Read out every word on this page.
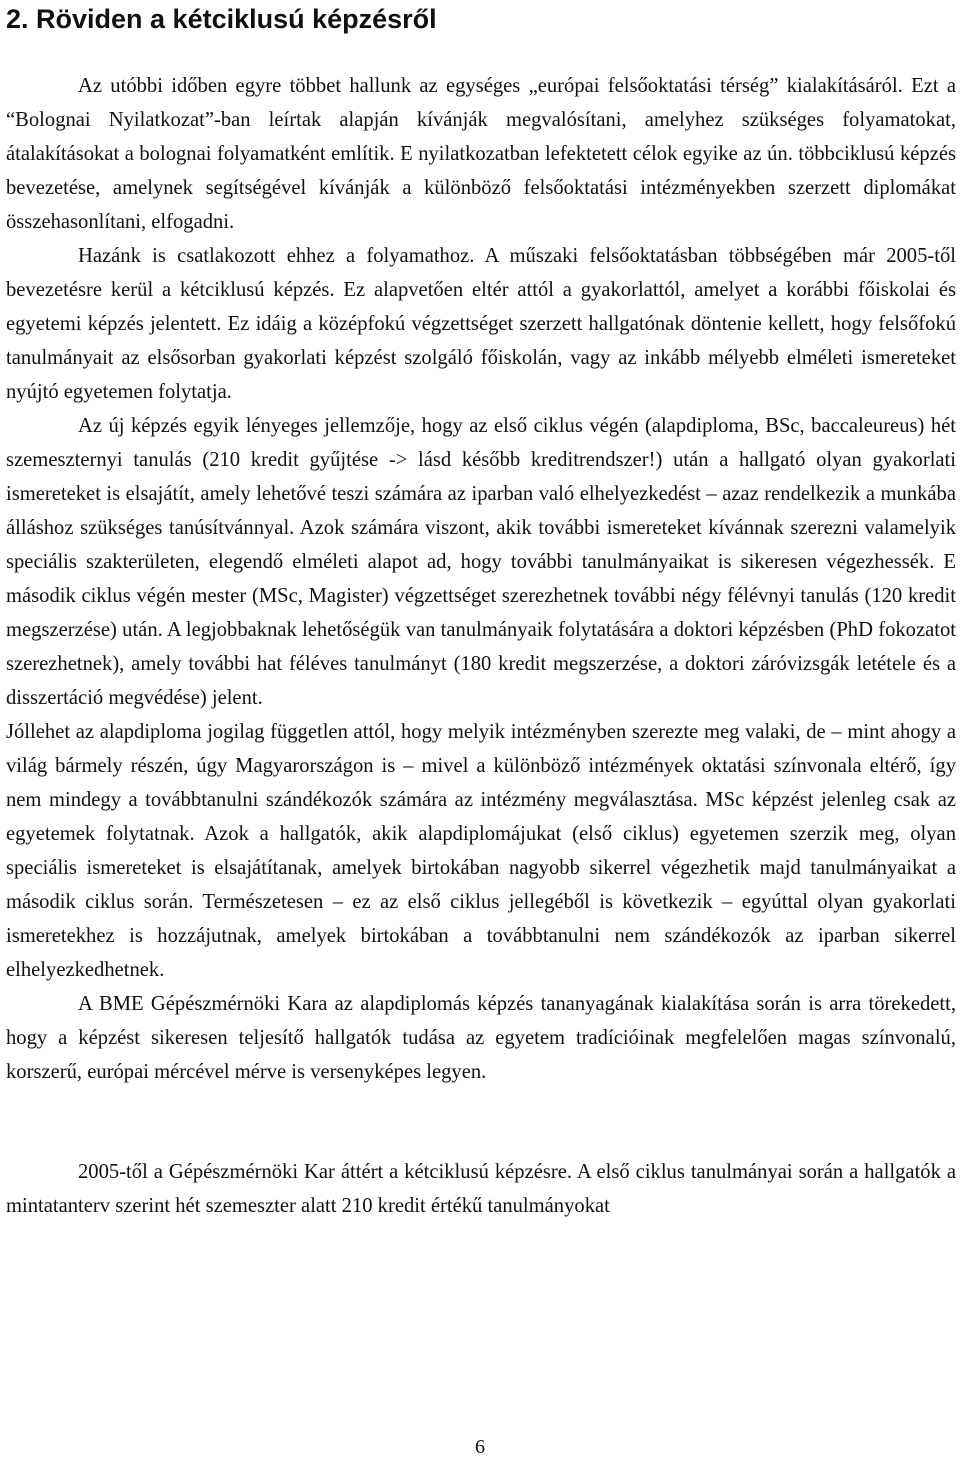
2. Röviden a kétciklusú képzésről

Az utóbbi időben egyre többet hallunk az egységes „európai felsőoktatási térség” kialakításáról. Ezt a “Bolognai Nyilatkozat”-ban leírtak alapján kívánják megvalósítani, amelyhez szükséges folyamatokat, átalakításokat a bolognai folyamatként említik. E nyilatkozatban lefektetett célok egyike az ún. többciklusú képzés bevezetése, amelynek segítségével kívánják a különböző felsőoktatási intézményekben szerzett diplomákat összehasonlítani, elfogadni.

Hazánk is csatlakozott ehhez a folyamathoz. A műszaki felsőoktatásban többségében már 2005-től bevezetésre kerül a kétciklusú képzés. Ez alapvetően eltér attól a gyakorlattól, amelyet a korábbi főiskolai és egyetemi képzés jelentett. Ez idáig a középfokú végzettséget szerzett hallgatónak döntenie kellett, hogy felsőfokú tanulmányait az elsősorban gyakorlati képzést szolgáló főiskolán, vagy az inkább mélyebb elméleti ismereteket nyújtó egyetemen folytatja.

Az új képzés egyik lényeges jellemzője, hogy az első ciklus végén (alapdiploma, BSc, baccaleureus) hét szemeszternyi tanulás (210 kredit gyűjtése -> lásd később kreditrendszer!) után a hallgató olyan gyakorlati ismereteket is elsajátít, amely lehetővé teszi számára az iparban való elhelyezkedést – azaz rendelkezik a munkába álláshoz szükséges tanúsítvánnyal. Azok számára viszont, akik további ismereteket kívánnak szerezni valamelyik speciális szakterületen, elegendő elméleti alapot ad, hogy további tanulmányaikat is sikeresen végezhessék. E második ciklus végén mester (MSc, Magister) végzettséget szerezhetnek további négy félévnyi tanulás (120 kredit megszerzése) után. A legjobbaknak lehetőségük van tanulmányaik folytatására a doktori képzésben (PhD fokozatot szerezhetnek), amely további hat féléves tanulmányt (180 kredit megszerzése, a doktori záróvizsgák letétele és a disszertáció megvédése) jelent.

Jóllehet az alapdiploma jogilag független attól, hogy melyik intézményben szerezte meg valaki, de – mint ahogy a világ bármely részén, úgy Magyarországon is – mivel a különböző intézmények oktatási színvonala eltérő, így nem mindegy a továbbtanulni szándékozók számára az intézmény megválasztása. MSc képzést jelenleg csak az egyetemek folytatnak. Azok a hallgatók, akik alapdiplomájukat (első ciklus) egyetemen szerzik meg, olyan speciális ismereteket is elsajátítanak, amelyek birtokában nagyobb sikerrel végezhetik majd tanulmányaikat a második ciklus során. Természetesen – ez az első ciklus jellegéből is következik – egyúttal olyan gyakorlati ismeretekhez is hozzájutnak, amelyek birtokában a továbbtanulni nem szándékozók az iparban sikerrel elhelyezkedhetnek.

A BME Gépészmérnöki Kara az alapdiplomás képzés tananyagának kialakítása során is arra törekedett, hogy a képzést sikeresen teljesítő hallgatók tudása az egyetem tradícióinak megfelelően magas színvonalú, korszerű, európai mércével mérve is versenyképes legyen.

2005-től a Gépészmérnöki Kar áttért a kétciklusú képzésre. A első ciklus tanulmányai során a hallgatók a mintatanterv szerint hét szemeszter alatt 210 kredit értékű tanulmányokat

6
